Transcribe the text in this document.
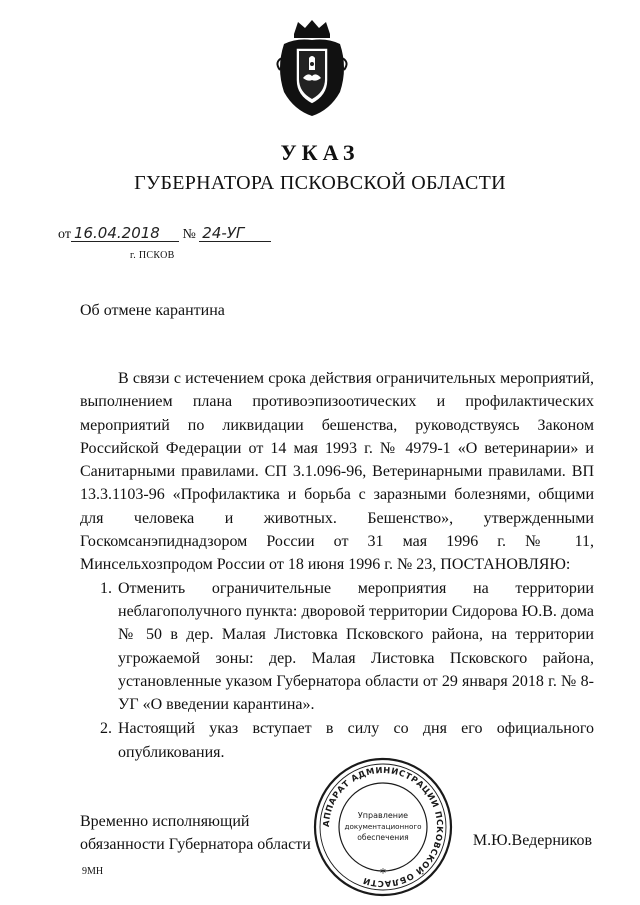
УКАЗ
ГУБЕРНАТОРА ПСКОВСКОЙ ОБЛАСТИ
от 16.04.2018 № 24-УГ
г. ПСКОВ
Об отмене карантина

В связи с истечением срока действия ограничительных мероприятий, выполнением плана противоэпизоотических и профилактических мероприятий по ликвидации бешенства, руководствуясь Законом Российской Федерации от 14 мая 1993 г. № 4979-1 «О ветеринарии» и Санитарными правилами. СП 3.1.096-96, Ветеринарными правилами. ВП 13.3.1103-96 «Профилактика и борьба с заразными болезнями, общими для человека и животных. Бешенство», утвержденными Госкомсанэпиднадзором России от 31 мая 1996 г. № 11, Минсельхозпродом России от 18 июня 1996 г. № 23, ПОСТАНОВЛЯЮ:

1. Отменить ограничительные мероприятия на территории неблагополучного пункта: дворовой территории Сидорова Ю.В. дома № 50 в дер. Малая Листовка Псковского района, на территории угрожаемой зоны: дер. Малая Листовка Псковского района, установленные указом Губернатора области от 29 января 2018 г. № 8-УГ «О введении карантина».
2. Настоящий указ вступает в силу со дня его официального опубликования.
Временно исполняющий
обязанности Губернатора области	М.Ю.Ведерников
9МН
АППАРАТ АДМИНИСТРАЦИИ ПСКОВСКОЙ ОБЛАСТИ
Управление
документационного
обеспечения
*
